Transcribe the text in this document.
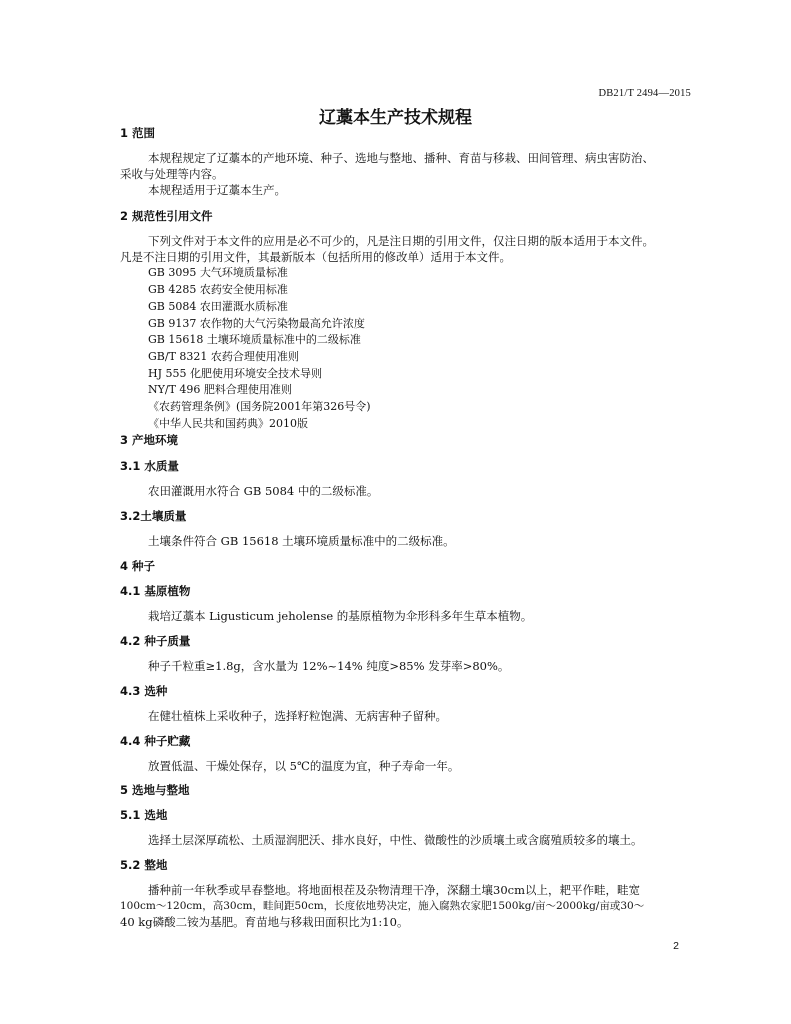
DB21/T 2494—2015
辽藁本生产技术规程
1 范围
本规程规定了辽藁本的产地环境、种子、选地与整地、播种、育苗与移栽、田间管理、病虫害防治、
采收与处理等内容。
本规程适用于辽藁本生产。
2 规范性引用文件
下列文件对于本文件的应用是必不可少的，凡是注日期的引用文件，仅注日期的版本适用于本文件。
凡是不注日期的引用文件，其最新版本（包括所用的修改单）适用于本文件。
GB 3095 大气环境质量标准
GB 4285 农药安全使用标准
GB 5084 农田灌溉水质标准
GB 9137 农作物的大气污染物最高允许浓度
GB 15618 土壤环境质量标准中的二级标准
GB/T 8321 农药合理使用准则
HJ 555 化肥使用环境安全技术导则
NY/T 496 肥料合理使用准则
《农药管理条例》(国务院2001年第326号令)
《中华人民共和国药典》2010版
3 产地环境
3.1 水质量
农田灌溉用水符合 GB 5084 中的二级标准。
3.2土壤质量
土壤条件符合 GB 15618 土壤环境质量标准中的二级标准。
4 种子
4.1 基原植物
栽培辽藁本 Ligusticum jeholense 的基原植物为伞形科多年生草本植物。
4.2 种子质量
种子千粒重≥1.8g，含水量为 12%~14% 纯度>85% 发芽率>80%。
4.3 选种
在健壮植株上采收种子，选择籽粒饱满、无病害种子留种。
4.4 种子贮藏
放置低温、干燥处保存，以 5℃的温度为宜，种子寿命一年。
5 选地与整地
5.1 选地
选择土层深厚疏松、土质湿润肥沃、排水良好，中性、微酸性的沙质壤土或含腐殖质较多的壤土。
5.2 整地
播种前一年秋季或早春整地。将地面根茬及杂物清理干净，深翻土壤30cm以上，耙平作畦，畦宽
100cm～120cm，高30cm，畦间距50cm，长度依地势决定，施入腐熟农家肥1500kg/亩～2000kg/亩或30～
40 kg磷酸二铵为基肥。育苗地与移栽田面积比为1:10。
2
